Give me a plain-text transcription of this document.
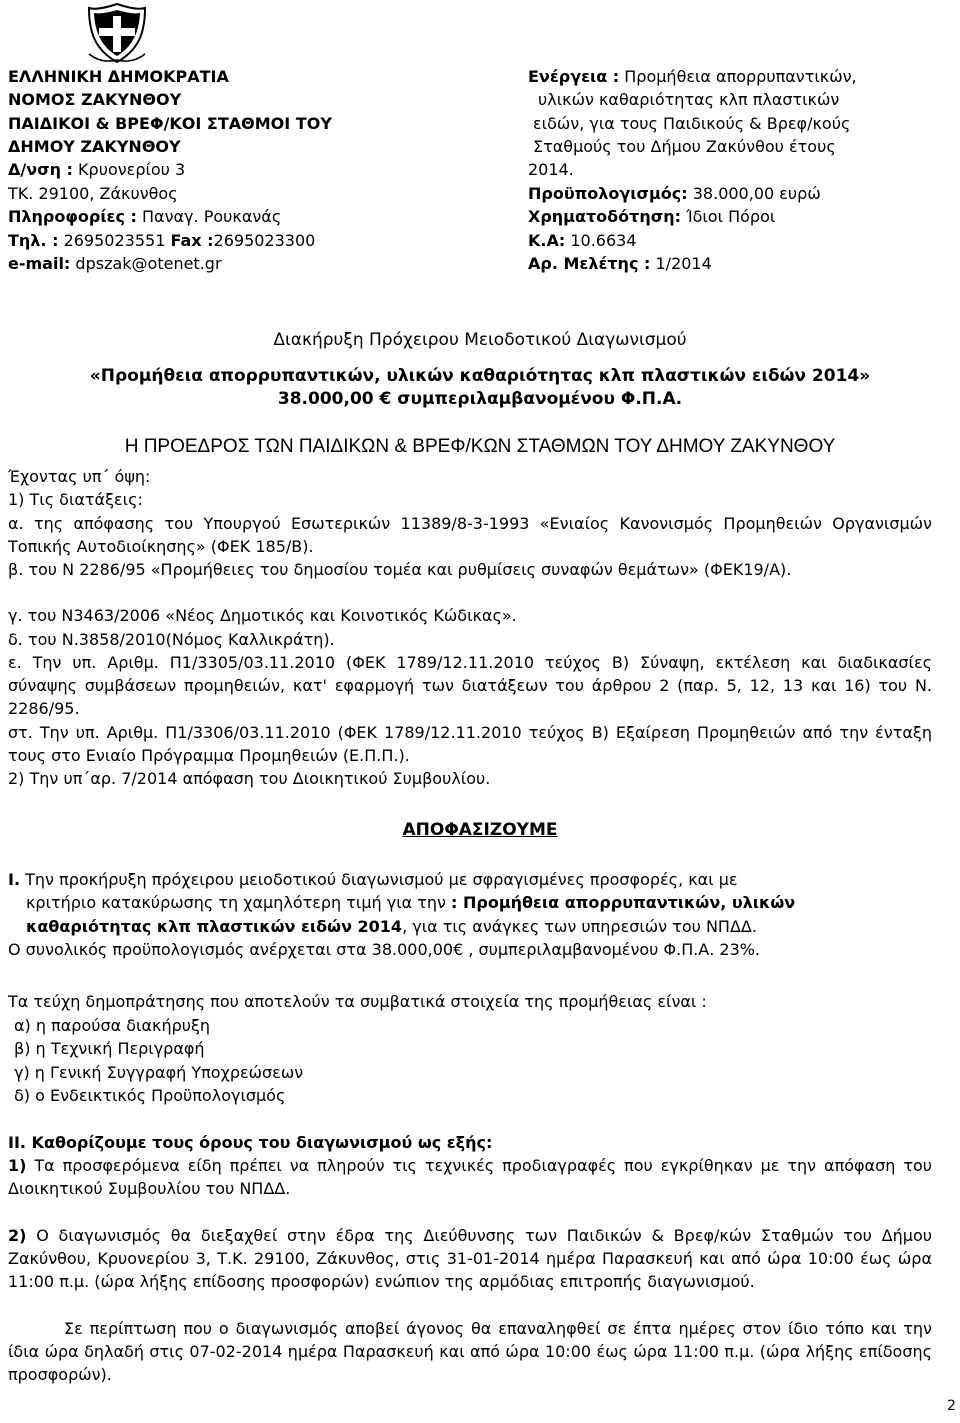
ΕΛΛΗΝΙΚΗ ΔΗΜΟΚΡΑΤΙΑ
ΝΟΜΟΣ ΖΑΚΥΝΘΟΥ
ΠΑΙΔΙΚΟΙ & ΒΡΕΦ/ΚΟΙ ΣΤΑΘΜΟΙ ΤΟΥ
ΔΗΜΟΥ ΖΑΚΥΝΘΟΥ
Δ/νση : Κρυονερίου 3
ΤΚ. 29100, Ζάκυνθος
Πληροφορίες : Παναγ. Ρουκανάς
Τηλ. : 2695023551 Fax :2695023300
e-mail: dpszak@otenet.gr
Ενέργεια : Προμήθεια απορρυπαντικών,
υλικών καθαριότητας κλπ πλαστικών
ειδών, για τους Παιδικούς & Βρεφ/κούς
Σταθμούς του Δήμου Ζακύνθου έτους
2014.
Προϋπολογισμός: 38.000,00 ευρώ
Χρηματοδότηση: Ίδιοι Πόροι
Κ.Α: 10.6634
Αρ. Μελέτης : 1/2014
Διακήρυξη Πρόχειρου Μειοδοτικού Διαγωνισμού
«Προμήθεια απορρυπαντικών, υλικών καθαριότητας κλπ πλαστικών ειδών 2014»
38.000,00 € συμπεριλαμβανομένου Φ.Π.Α.
Η ΠΡΟΕΔΡΟΣ ΤΩΝ ΠΑΙΔΙΚΩΝ & ΒΡΕΦ/ΚΩΝ ΣΤΑΘΜΩΝ ΤΟΥ ΔΗΜΟΥ ΖΑΚΥΝΘΟΥ
Έχοντας υπ΄ όψη:
1) Τις διατάξεις:
α. της απόφασης του Υπουργού Εσωτερικών 11389/8-3-1993 «Ενιαίος Κανονισμός Προμηθειών Οργανισμών Τοπικής Αυτοδιοίκησης» (ΦΕΚ 185/Β).
β. του Ν 2286/95 «Προμήθειες του δημοσίου τομέα και ρυθμίσεις συναφών θεμάτων» (ΦΕΚ19/Α).
γ. του Ν3463/2006 «Νέος Δημοτικός και Κοινοτικός Κώδικας».
δ. του Ν.3858/2010(Νόμος Καλλικράτη).
ε. Την υπ. Αριθμ. Π1/3305/03.11.2010 (ΦΕΚ 1789/12.11.2010 τεύχος Β) Σύναψη, εκτέλεση και διαδικασίες σύναψης συμβάσεων προμηθειών, κατ' εφαρμογή των διατάξεων του άρθρου 2 (παρ. 5, 12, 13 και 16) του Ν. 2286/95.
στ. Την υπ. Αριθμ. Π1/3306/03.11.2010 (ΦΕΚ 1789/12.11.2010 τεύχος Β) Εξαίρεση Προμηθειών από την ένταξη τους στο Ενιαίο Πρόγραμμα Προμηθειών (Ε.Π.Π.).
2) Την υπ΄αρ. 7/2014 απόφαση του Διοικητικού Συμβουλίου.
ΑΠΟΦΑΣΙΖΟΥΜΕ
Ι. Την προκήρυξη πρόχειρου μειοδοτικού διαγωνισμού με σφραγισμένες προσφορές, και με
κριτήριο κατακύρωσης τη χαμηλότερη τιμή για την : Προμήθεια απορρυπαντικών, υλικών
καθαριότητας κλπ πλαστικών ειδών 2014, για τις ανάγκες των υπηρεσιών του ΝΠΔΔ.
Ο συνολικός προϋπολογισμός ανέρχεται στα 38.000,00€ , συμπεριλαμβανομένου Φ.Π.Α. 23%.
Τα τεύχη δημοπράτησης που αποτελούν τα συμβατικά στοιχεία της προμήθειας είναι :
α) η παρούσα διακήρυξη
β) η Τεχνική Περιγραφή
γ) η Γενική Συγγραφή Υποχρεώσεων
δ) ο Ενδεικτικός Προϋπολογισμός
ΙΙ. Καθορίζουμε τους όρους του διαγωνισμού ως εξής:
1) Τα προσφερόμενα είδη πρέπει να πληρούν τις τεχνικές προδιαγραφές που εγκρίθηκαν με την απόφαση του Διοικητικού Συμβουλίου του ΝΠΔΔ.
2) Ο διαγωνισμός θα διεξαχθεί στην έδρα της Διεύθυνσης των Παιδικών & Βρεφ/κών Σταθμών του Δήμου Ζακύνθου, Κρυονερίου 3, Τ.Κ. 29100, Ζάκυνθος, στις 31-01-2014 ημέρα Παρασκευή και από ώρα 10:00 έως ώρα 11:00 π.μ. (ώρα λήξης επίδοσης προσφορών) ενώπιον της αρμόδιας επιτροπής διαγωνισμού.
Σε περίπτωση που ο διαγωνισμός αποβεί άγονος θα επαναληφθεί σε έπτα ημέρες στον ίδιο τόπο και την ίδια ώρα δηλαδή στις 07-02-2014 ημέρα Παρασκευή και από ώρα 10:00 έως ώρα 11:00 π.μ. (ώρα λήξης επίδοσης προσφορών).
2
